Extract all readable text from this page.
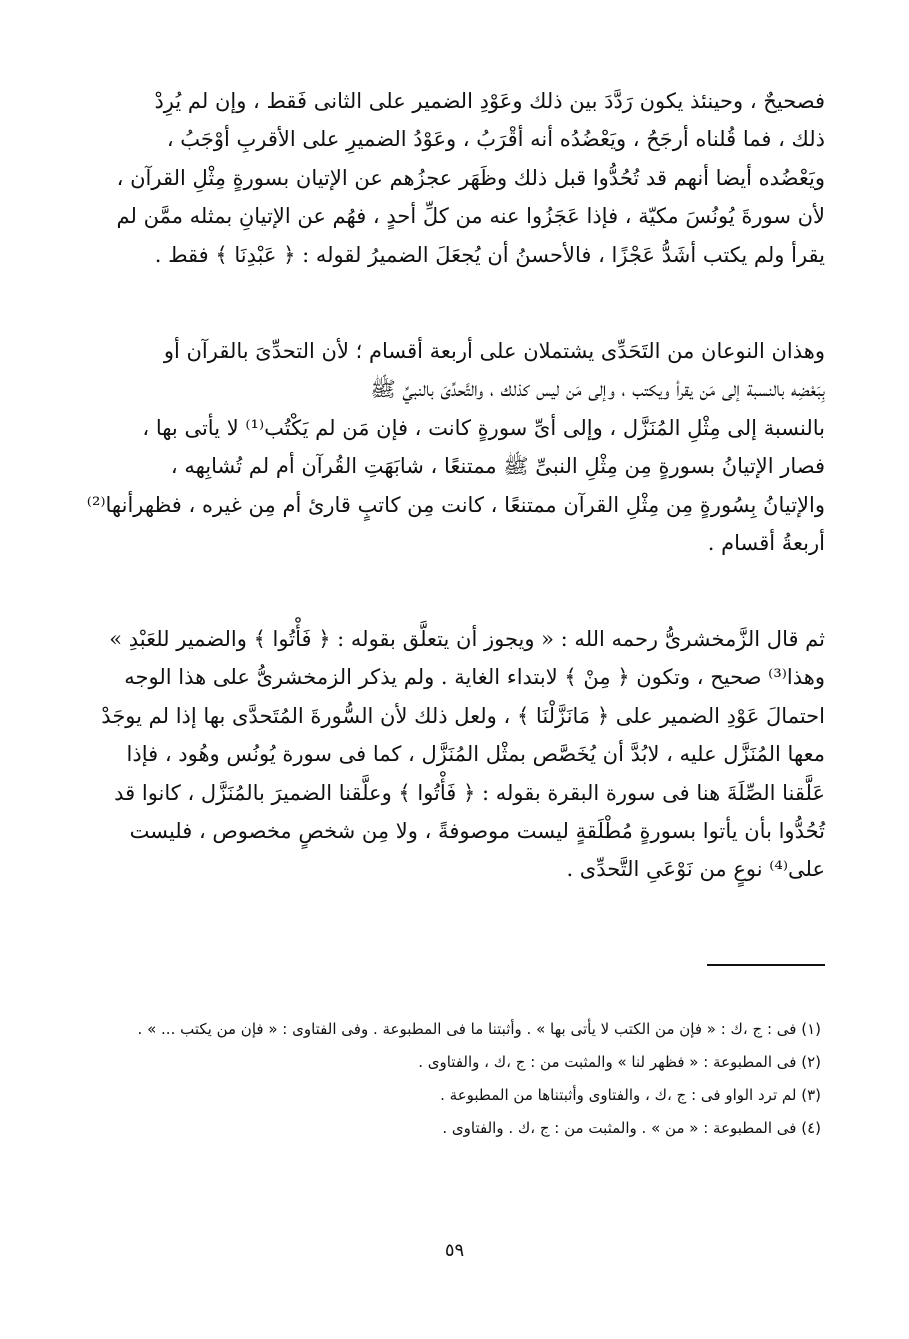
فصحيحٌ ، وحينئذ يكون رَدَّدَ بين ذلك وعَوْدِ الضمير على الثانى فَقط ، وإن لم يُرِدْ
ذلك ، فما قُلناه أرجَحُ ، ويَعْضُدُه أنه أقْرَبُ ، وعَوْدُ الضميرِ على الأقربِ أوْجَبُ ،
ويَعْضُده أيضا أنهم قد تُحُدُّوا قبل ذلك وظَهَر عجزُهم عن الإتيان بسورةٍ مِثْلِ القرآن ،
لأن سورةَ يُونُسَ مكيّة ، فإذا عَجَزُوا عنه من كلِّ أحدٍ ، فهُم عن الإتيانِ بمثله ممَّن لم
يقرأ ولم يكتب أشَدُّ عَجْزًا ، فالأحسنُ أن يُجعَلَ الضميرُ لقوله : ﴿ عَبْدِنَا ﴾ فقط .

وهذان النوعان من التَحَدِّى يشتملان على أربعة أقسام ؛ لأن التحدِّىَ بالقرآن أو
بِبَعْضِه بالنسبة إلى مَن يقرأ ويكتب ، وإلى مَن ليس كذلك ، والتَّحدِّىَ بالنبيِّ ﷺ
بالنسبة إلى مِثْلِ المُنَزَّل ، وإلى أىِّ سورةٍ كانت ، فإن مَن لم يَكْتُب⁽¹⁾ لا يأتى بها ،
فصار الإتيانُ بسورةٍ مِن مِثْلِ النبىِّ ﷺ ممتنعًا ، شابَهَتِ القُرآن أم لم تُشابِهه ،
والإتيانُ بِسُورةٍ مِن مِثْلِ القرآن ممتنعًا ، كانت مِن كاتبٍ قارئ أم مِن غيره ، فظهرأنها⁽²⁾
أربعةُ أقسام .

ثم قال الزَّمخشرىُّ رحمه الله : « ويجوز أن يتعلَّق بقوله : ﴿ فَأْتُوا ﴾ والضمير للعَبْدِ »
وهذا⁽³⁾ صحيح ، وتكون ﴿ مِنْ ﴾ لابتداء الغاية . ولم يذكر الزمخشرىُّ على هذا الوجه
احتمالَ عَوْدِ الضمير على ﴿ مَانَزَّلْنَا ﴾ ، ولعل ذلك لأن السُّورةَ المُتَحدَّى بها إذا لم يوجَدْ
معها المُنَزَّل عليه ، لابُدَّ أن يُخَصَّص بمثْل المُنَزَّل ، كما فى سورة يُونُس وهُود ، فإذا
عَلَّقنا الصِّلَةَ هنا فى سورة البقرة بقوله : ﴿ فَأْتُوا ﴾ وعلَّقنا الضميرَ بالمُنَزَّل ، كانوا قد
تُحُدُّوا بأن يأتوا بسورةٍ مُطْلَقةٍ ليست موصوفةً ، ولا مِن شخصٍ مخصوص ، فليست
على⁽⁴⁾ نوعٍ من نَوْعَىِ التَّحدِّى .

(١) فى : ج ،ك : « فإن من الكتب لا يأتى بها » . وأثبتنا ما فى المطبوعة . وفى الفتاوى : « فإن من يكتب ... » .
(٢) فى المطبوعة : « فظهر لنا » والمثبت من : ج ،ك ، والفتاوى .
(٣) لم ترد الواو فى : ج ،ك ، والفتاوى وأثبتناها من المطبوعة .
(٤) فى المطبوعة : « من » . والمثبت من : ج ،ك . والفتاوى .
٥٩
